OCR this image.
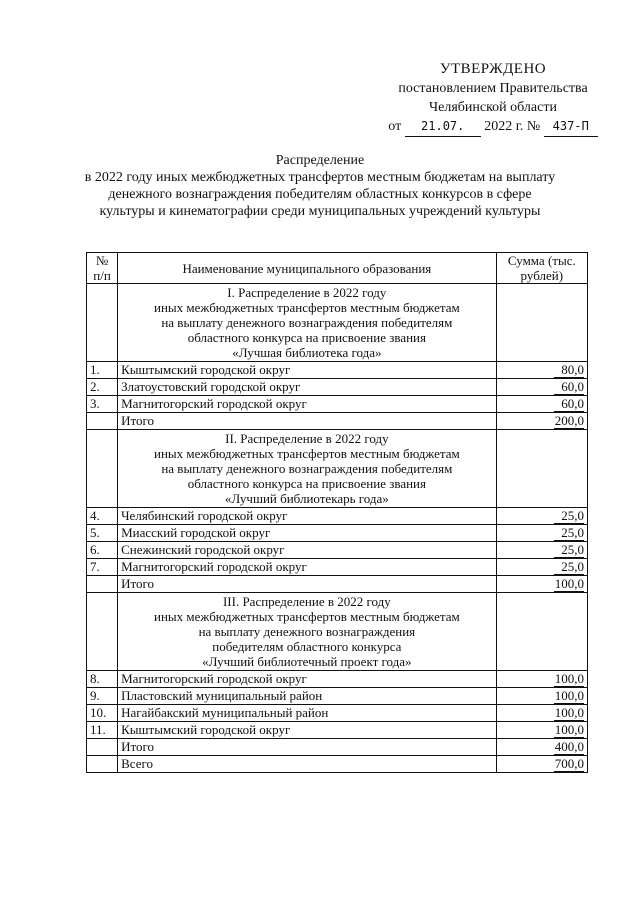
УТВЕРЖДЕНО
постановлением Правительства
Челябинской области
от 21.07. 2022 г. № 437-П
Распределение
в 2022 году иных межбюджетных трансфертов местным бюджетам на выплату
денежного вознаграждения победителям областных конкурсов в сфере
культуры и кинематографии среди муниципальных учреждений культуры
№ п/п	Наименование муниципального образования	Сумма (тыс. рублей)

	I. Распределение в 2022 году
иных межбюджетных трансфертов местным бюджетам
на выплату денежного вознаграждения победителям
областного конкурса на присвоение звания
«Лучшая библиотека года»	

1.	Кыштымский городской округ	80,0
2.	Златоустовский городской округ	60,0
3.	Магнитогорский городской округ	60,0
	Итого	200,0

	II. Распределение в 2022 году
иных межбюджетных трансфертов местным бюджетам
на выплату денежного вознаграждения победителям
областного конкурса на присвоение звания
«Лучший библиотекарь года»	

4.	Челябинский городской округ	25,0
5.	Миасский городской округ	25,0
6.	Снежинский городской округ	25,0
7.	Магнитогорский городской округ	25,0
	Итого	100,0

	III. Распределение в 2022 году
иных межбюджетных трансфертов местным бюджетам
на выплату денежного вознаграждения
победителям областного конкурса
«Лучший библиотечный проект года»	

8.	Магнитогорский городской округ	100,0
9.	Пластовский муниципальный район	100,0
10.	Нагайбакский муниципальный район	100,0
11.	Кыштымский городской округ	100,0
	Итого	400,0
	Всего	700,0
